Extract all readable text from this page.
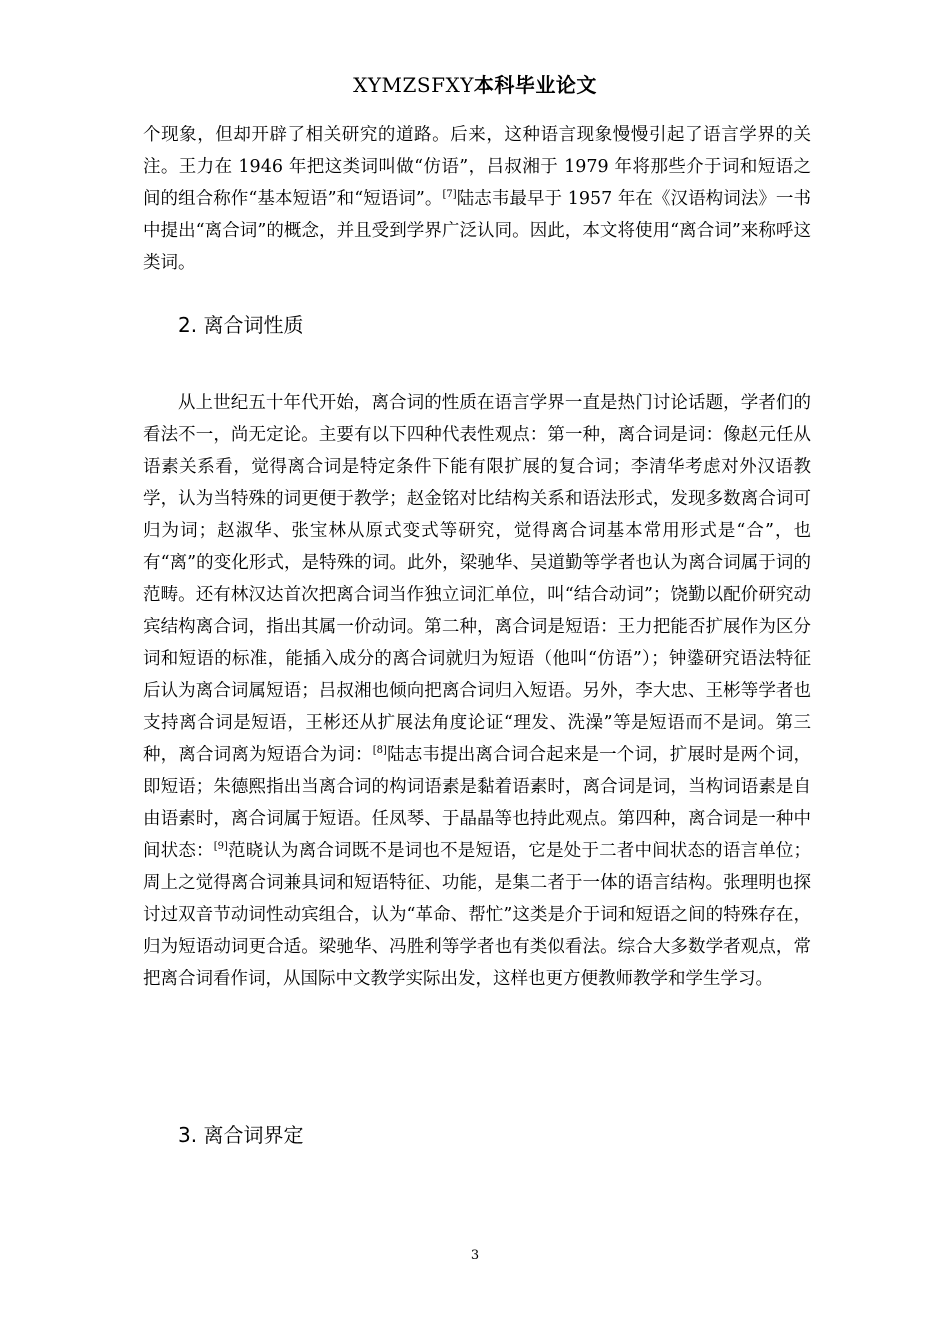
XYMZSFXY本科毕业论文

个现象，但却开辟了相关研究的道路。后来，这种语言现象慢慢引起了语言学界的关注。王力在 1946 年把这类词叫做“仿语”，吕叔湘于 1979 年将那些介于词和短语之间的组合称作“基本短语”和“短语词”。[7]陆志韦最早于 1957 年在《汉语构词法》一书中提出“离合词”的概念，并且受到学界广泛认同。因此，本文将使用“离合词”来称呼这类词。

2. 离合词性质

从上世纪五十年代开始，离合词的性质在语言学界一直是热门讨论话题，学者们的看法不一，尚无定论。主要有以下四种代表性观点：第一种，离合词是词：像赵元任从语素关系看，觉得离合词是特定条件下能有限扩展的复合词；李清华考虑对外汉语教学，认为当特殊的词更便于教学；赵金铭对比结构关系和语法形式，发现多数离合词可归为词；赵淑华、张宝林从原式变式等研究，觉得离合词基本常用形式是“合”，也有“离”的变化形式，是特殊的词。此外，梁驰华、吴道勤等学者也认为离合词属于词的范畴。还有林汉达首次把离合词当作独立词汇单位，叫“结合动词”；饶勤以配价研究动宾结构离合词，指出其属一价动词。第二种，离合词是短语：王力把能否扩展作为区分词和短语的标准，能插入成分的离合词就归为短语（他叫“仿语”）；钟鍌研究语法特征后认为离合词属短语；吕叔湘也倾向把离合词归入短语。另外，李大忠、王彬等学者也支持离合词是短语，王彬还从扩展法角度论证“理发、洗澡”等是短语而不是词。第三种，离合词离为短语合为词：[8]陆志韦提出离合词合起来是一个词，扩展时是两个词，即短语；朱德熙指出当离合词的构词语素是黏着语素时，离合词是词，当构词语素是自由语素时，离合词属于短语。任凤琴、于晶晶等也持此观点。第四种，离合词是一种中间状态：[9]范晓认为离合词既不是词也不是短语，它是处于二者中间状态的语言单位；周上之觉得离合词兼具词和短语特征、功能，是集二者于一体的语言结构。张理明也探讨过双音节动词性动宾组合，认为“革命、帮忙”这类是介于词和短语之间的特殊存在，归为短语动词更合适。梁驰华、冯胜利等学者也有类似看法。综合大多数学者观点，常把离合词看作词，从国际中文教学实际出发，这样也更方便教师教学和学生学习。

3. 离合词界定
3
